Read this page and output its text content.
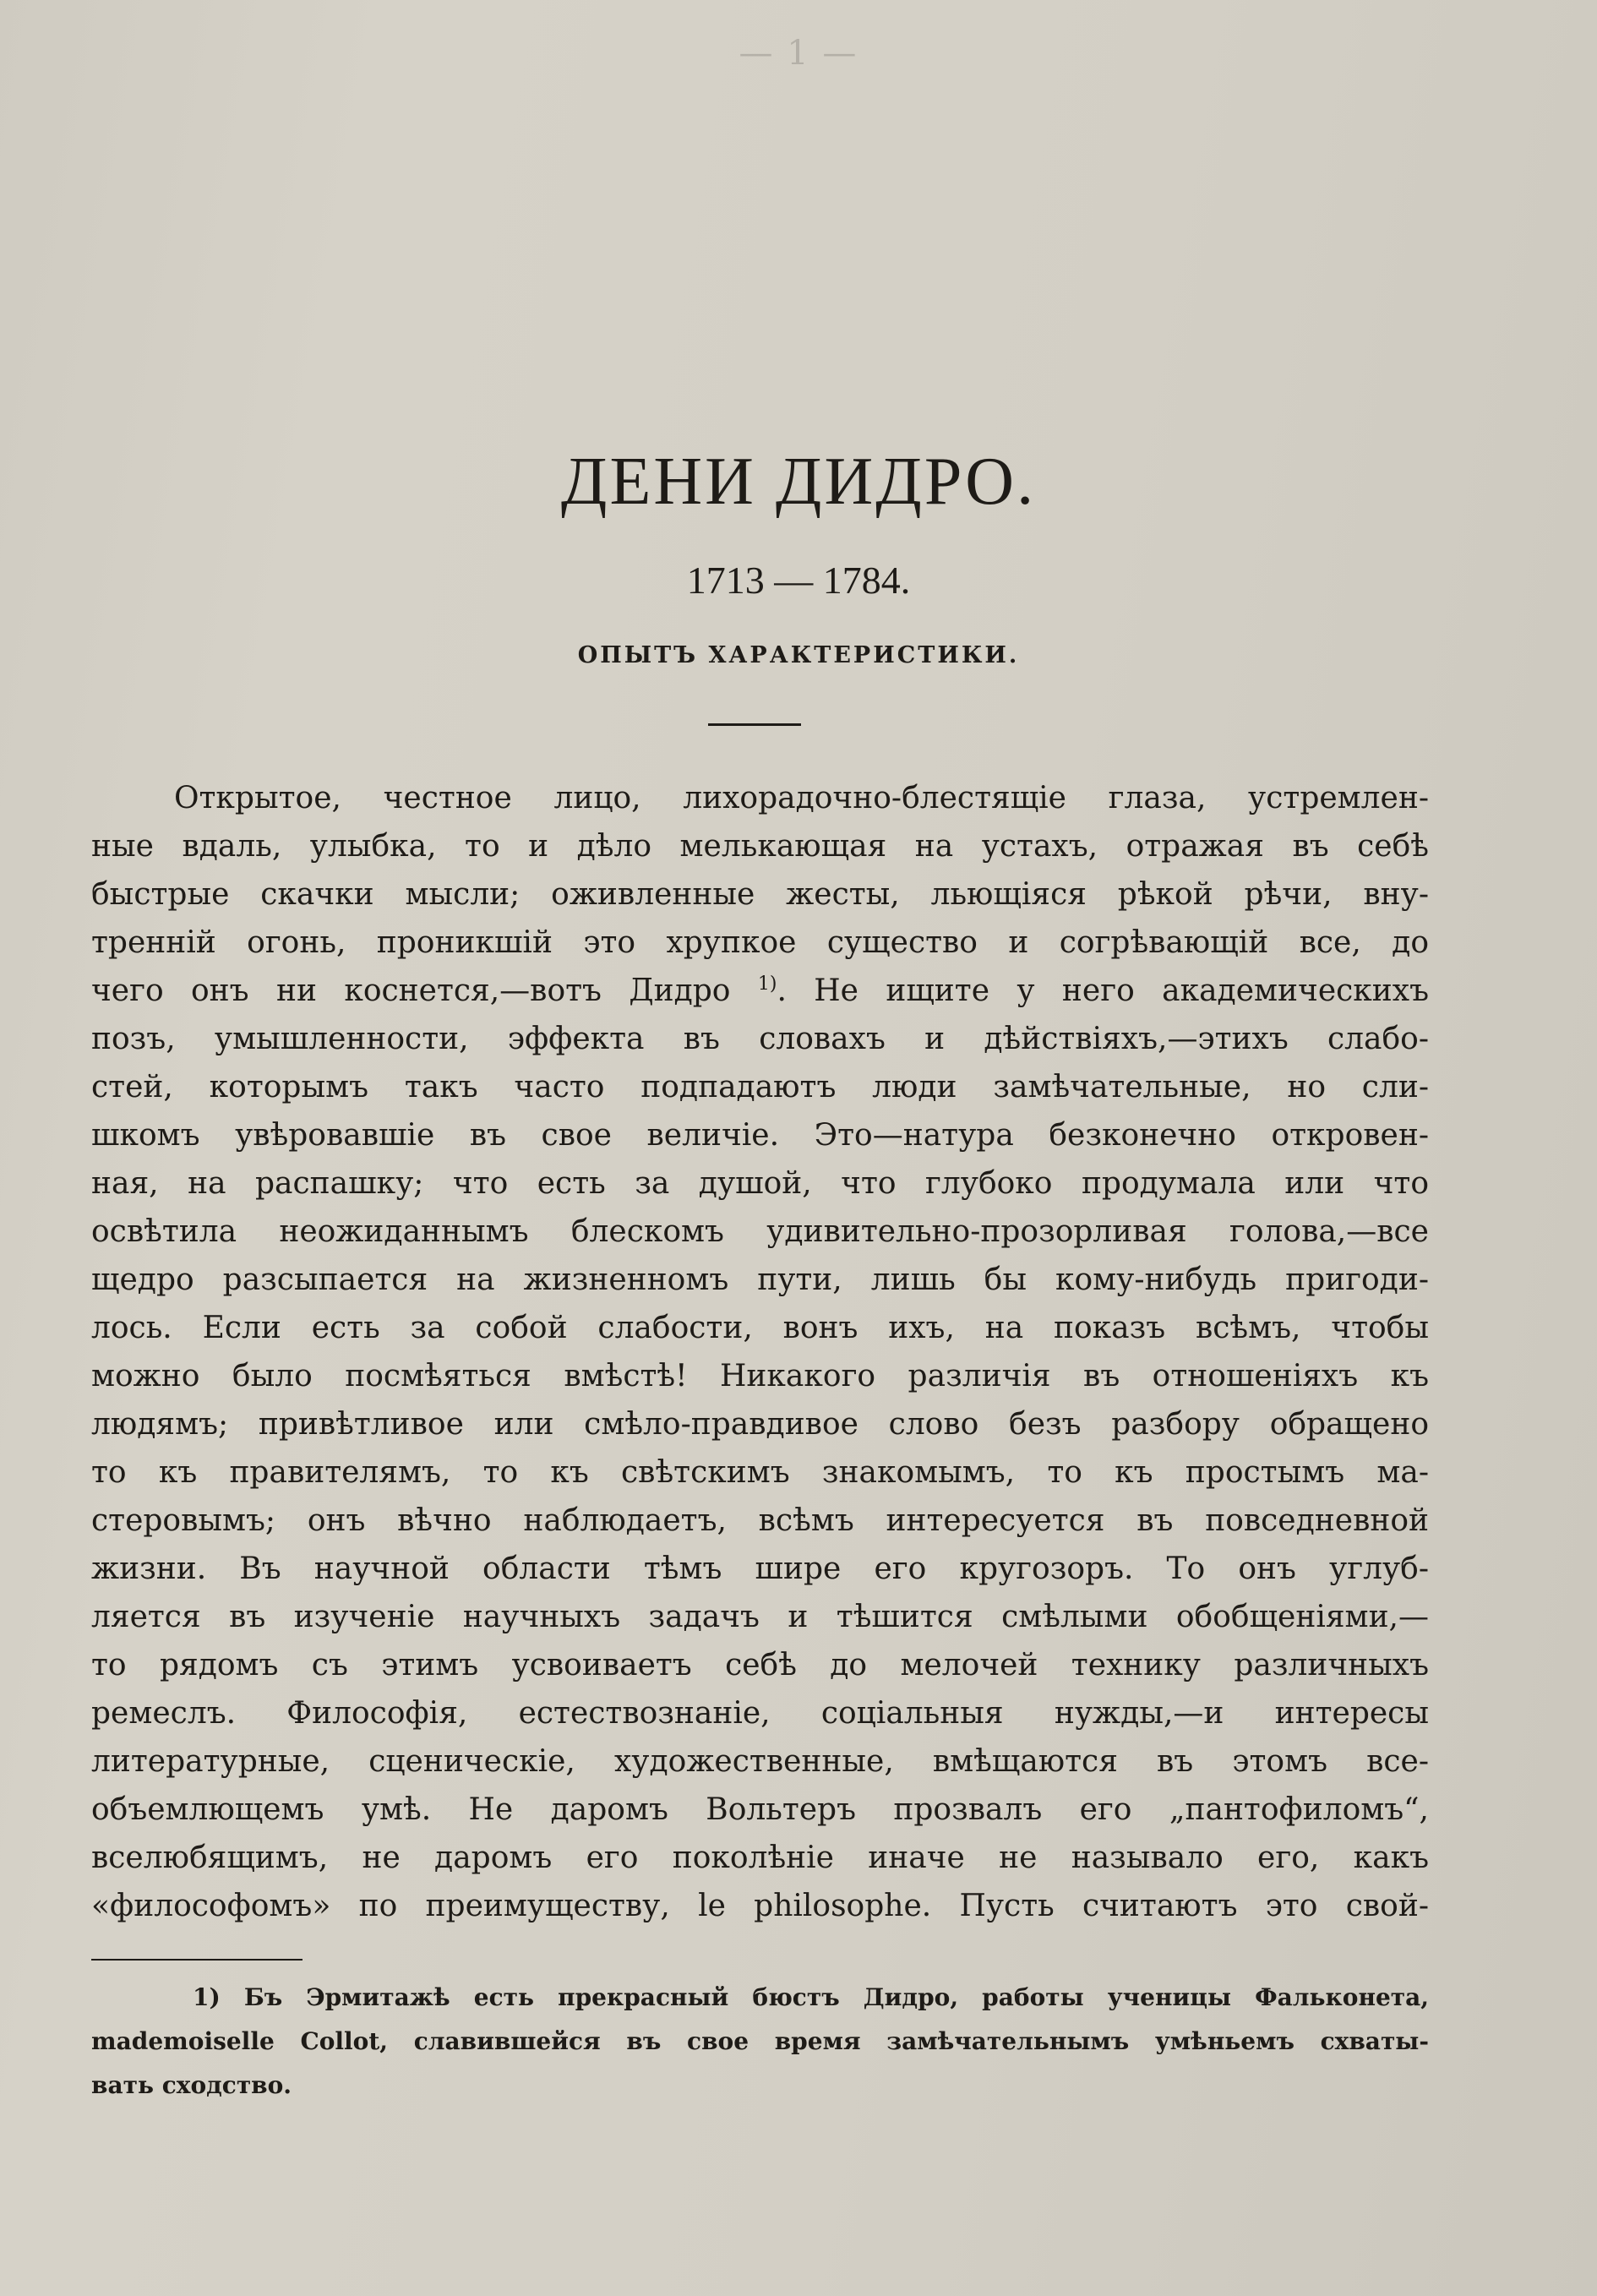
— 1 —
ДЕНИ ДИДРО.
1713 — 1784.
ОПЫТЪ ХАРАКТЕРИСТИКИ.
Открытое, честное лицо, лихорадочно-блестящіе глаза, устремлен-
ные вдаль, улыбка, то и дѣло мелькающая на устахъ, отражая въ себѣ
быстрые скачки мысли; оживленные жесты, льющіяся рѣкой рѣчи, вну-
тренній огонь, проникшій это хрупкое существо и согрѣвающій все, до
чего онъ ни коснется,—вотъ Дидро $^{1)}$. Не ищите у него академическихъ
позъ, умышленности, эффекта въ словахъ и дѣйствіяхъ,—этихъ слабо-
стей, которымъ такъ часто подпадаютъ люди замѣчательные, но сли-
шкомъ увѣровавшіе въ свое величіе. Это—натура безконечно откровен-
ная, на распашку; что есть за душой, что глубоко продумала или что
освѣтила неожиданнымъ блескомъ удивительно-прозорливая голова,—все
щедро разсыпается на жизненномъ пути, лишь бы кому-нибудь пригоди-
лось. Если есть за собой слабости, вонъ ихъ, на показъ всѣмъ, чтобы
можно было посмѣяться вмѣстѣ! Никакого различія въ отношеніяхъ къ
людямъ; привѣтливое или смѣло-правдивое слово безъ разбору обращено
то къ правителямъ, то къ свѣтскимъ знакомымъ, то къ простымъ ма-
стеровымъ; онъ вѣчно наблюдаетъ, всѣмъ интересуется въ повседневной
жизни. Въ научной области тѣмъ шире его кругозоръ. То онъ углуб-
ляется въ изученіе научныхъ задачъ и тѣшится смѣлыми обобщеніями,—
то рядомъ съ этимъ усвоиваетъ себѣ до мелочей технику различныхъ
ремеслъ. Философія, естествознаніе, соціальныя нужды,—и интересы
литературные, сценическіе, художественные, вмѣщаются въ этомъ все-
объемлющемъ умѣ. Не даромъ Вольтеръ прозвалъ его „пантофиломъ“,
вселюбящимъ, не даромъ его поколѣніе иначе не называло его, какъ
«философомъ» по преимуществу, le philosophe. Пусть считаютъ это свой-
1) Бъ Эрмитажѣ есть прекрасный бюстъ Дидро, работы ученицы Фальконета,
mademoiselle Collot, славившейся въ свое время замѣчательнымъ умѣньемъ схваты-
вать сходство.
